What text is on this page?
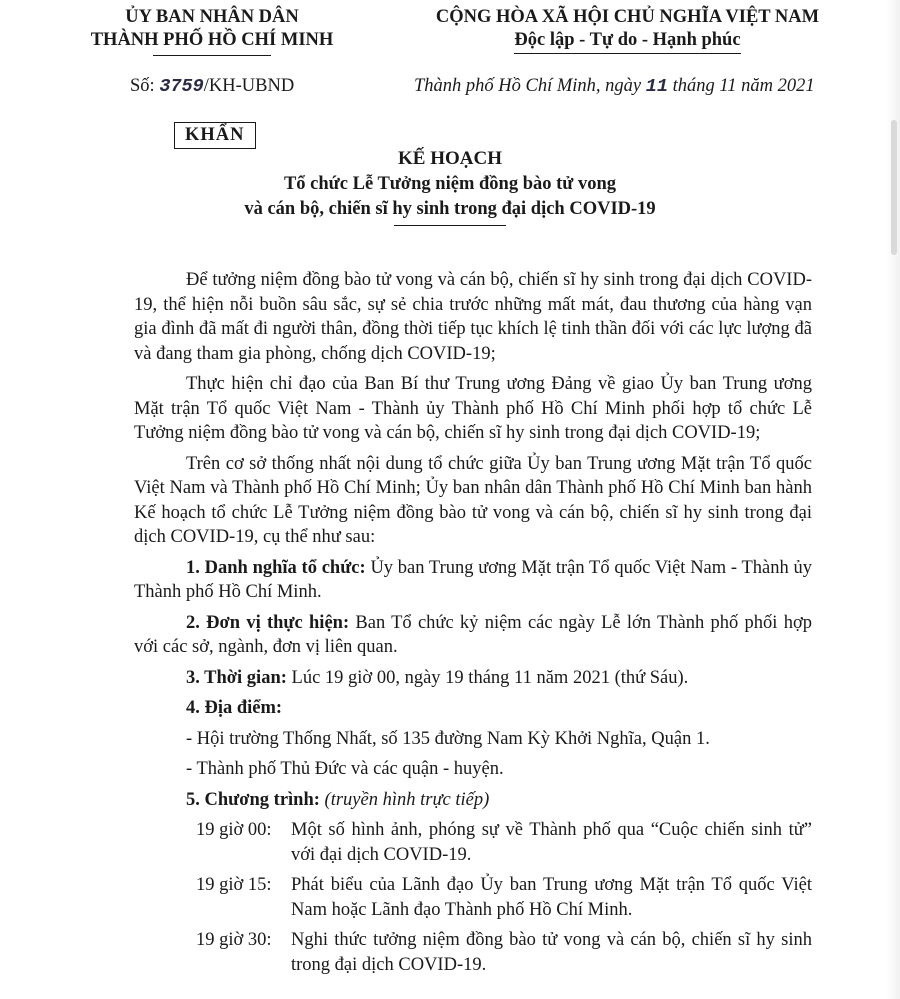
ỦY BAN NHÂN DÂN
THÀNH PHỐ HỒ CHÍ MINH
CỘNG HÒA XÃ HỘI CHỦ NGHĨA VIỆT NAM
Độc lập - Tự do - Hạnh phúc
Số: 3759/KH-UBND	Thành phố Hồ Chí Minh, ngày 11 tháng 11 năm 2021
KHẨN
KẾ HOẠCH
Tổ chức Lễ Tưởng niệm đồng bào tử vong
và cán bộ, chiến sĩ hy sinh trong đại dịch COVID-19

Để tưởng niệm đồng bào tử vong và cán bộ, chiến sĩ hy sinh trong đại dịch COVID-19, thể hiện nỗi buồn sâu sắc, sự sẻ chia trước những mất mát, đau thương của hàng vạn gia đình đã mất đi người thân, đồng thời tiếp tục khích lệ tinh thần đối với các lực lượng đã và đang tham gia phòng, chống dịch COVID-19;

Thực hiện chỉ đạo của Ban Bí thư Trung ương Đảng về giao Ủy ban Trung ương Mặt trận Tổ quốc Việt Nam - Thành ủy Thành phố Hồ Chí Minh phối hợp tổ chức Lễ Tưởng niệm đồng bào tử vong và cán bộ, chiến sĩ hy sinh trong đại dịch COVID-19;

Trên cơ sở thống nhất nội dung tổ chức giữa Ủy ban Trung ương Mặt trận Tổ quốc Việt Nam và Thành phố Hồ Chí Minh; Ủy ban nhân dân Thành phố Hồ Chí Minh ban hành Kế hoạch tổ chức Lễ Tưởng niệm đồng bào tử vong và cán bộ, chiến sĩ hy sinh trong đại dịch COVID-19, cụ thể như sau:

1. Danh nghĩa tổ chức: Ủy ban Trung ương Mặt trận Tổ quốc Việt Nam - Thành ủy Thành phố Hồ Chí Minh.

2. Đơn vị thực hiện: Ban Tổ chức kỷ niệm các ngày Lễ lớn Thành phố phối hợp với các sở, ngành, đơn vị liên quan.

3. Thời gian: Lúc 19 giờ 00, ngày 19 tháng 11 năm 2021 (thứ Sáu).

4. Địa điểm:

- Hội trường Thống Nhất, số 135 đường Nam Kỳ Khởi Nghĩa, Quận 1.

- Thành phố Thủ Đức và các quận - huyện.

5. Chương trình: (truyền hình trực tiếp)

19 giờ 00:	Một số hình ảnh, phóng sự về Thành phố qua “Cuộc chiến sinh tử” với đại dịch COVID-19.
19 giờ 15:	Phát biểu của Lãnh đạo Ủy ban Trung ương Mặt trận Tổ quốc Việt Nam hoặc Lãnh đạo Thành phố Hồ Chí Minh.
19 giờ 30:	Nghi thức tưởng niệm đồng bào tử vong và cán bộ, chiến sĩ hy sinh trong đại dịch COVID-19.
